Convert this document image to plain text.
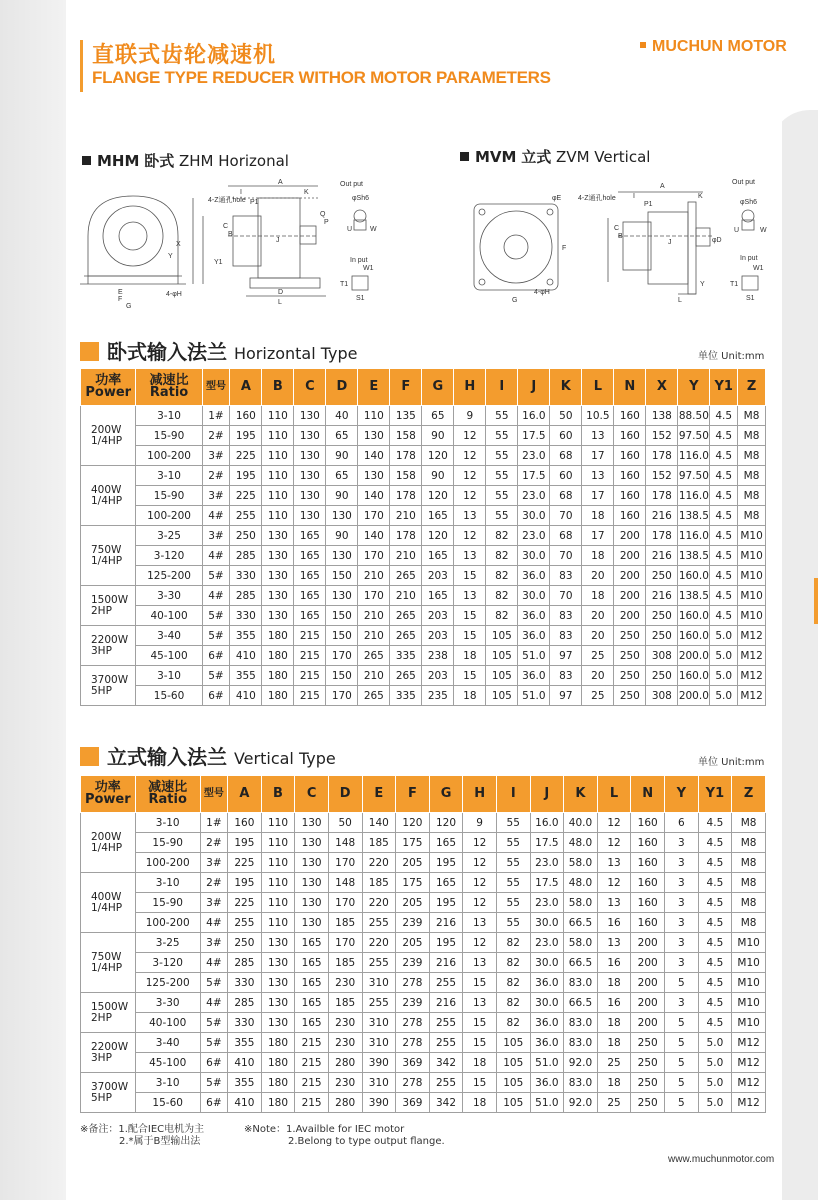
直联式齿轮减速机
FLANGE TYPE REDUCER WITHOR MOTOR PARAMETERS
MUCHUN MOTOR
MHM 卧式 ZHM Horizonal	MVM 立式 ZVM Vertical
4-Z通孔hole
A
I
P1
K
C
B
J
X
Y
Y1
E
F
G
4-φH	D
L
Q
P
Out put
φSh6
U	W
In put
W1
T1
S1
φE
F
G
4-φH
4-Z通孔hole
A
K
I
P1
C
B
J	φD
L
Y
Out put
φSh6
U	W
In put
W1
T1
S1
卧式输入法兰 Horizontal Type	单位 Unit:mm
功率
Power	减速比
Ratio	型号	A	B	C	D	E	F	G	H	I	J	K	L	N	X	Y	Y1	Z
200W
1/4HP	3-10	1#	160	110	130	40	110	135	65	9	55	16.0	50	10.5	160	138	88.50	4.5	M8
	15-90	2#	195	110	130	65	130	158	90	12	55	17.5	60	13	160	152	97.50	4.5	M8
	100-200	3#	225	110	130	90	140	178	120	12	55	23.0	68	17	160	178	116.0	4.5	M8
400W
1/4HP	3-10	2#	195	110	130	65	130	158	90	12	55	17.5	60	13	160	152	97.50	4.5	M8
	15-90	3#	225	110	130	90	140	178	120	12	55	23.0	68	17	160	178	116.0	4.5	M8
	100-200	4#	255	110	130	130	170	210	165	13	55	30.0	70	18	160	216	138.5	4.5	M8
750W
1/4HP	3-25	3#	250	130	165	90	140	178	120	12	82	23.0	68	17	200	178	116.0	4.5	M10
	3-120	4#	285	130	165	130	170	210	165	13	82	30.0	70	18	200	216	138.5	4.5	M10
	125-200	5#	330	130	165	150	210	265	203	15	82	36.0	83	20	200	250	160.0	4.5	M10
1500W
2HP	3-30	4#	285	130	165	130	170	210	165	13	82	30.0	70	18	200	216	138.5	4.5	M10
	40-100	5#	330	130	165	150	210	265	203	15	82	36.0	83	20	200	250	160.0	4.5	M10
2200W
3HP	3-40	5#	355	180	215	150	210	265	203	15	105	36.0	83	20	250	250	160.0	5.0	M12
	45-100	6#	410	180	215	170	265	335	238	18	105	51.0	97	25	250	308	200.0	5.0	M12
3700W
5HP	3-10	5#	355	180	215	150	210	265	203	15	105	36.0	83	20	250	250	160.0	5.0	M12
	15-60	6#	410	180	215	170	265	335	235	18	105	51.0	97	25	250	308	200.0	5.0	M12
立式输入法兰 Vertical Type	单位 Unit:mm
功率
Power	减速比
Ratio	型号	A	B	C	D	E	F	G	H	I	J	K	L	N	Y	Y1	Z
200W
1/4HP	3-10	1#	160	110	130	50	140	120	120	9	55	16.0	40.0	12	160	6	4.5	M8
	15-90	2#	195	110	130	148	185	175	165	12	55	17.5	48.0	12	160	3	4.5	M8
	100-200	3#	225	110	130	170	220	205	195	12	55	23.0	58.0	13	160	3	4.5	M8
400W
1/4HP	3-10	2#	195	110	130	148	185	175	165	12	55	17.5	48.0	12	160	3	4.5	M8
	15-90	3#	225	110	130	170	220	205	195	12	55	23.0	58.0	13	160	3	4.5	M8
	100-200	4#	255	110	130	185	255	239	216	13	55	30.0	66.5	16	160	3	4.5	M8
750W
1/4HP	3-25	3#	250	130	165	170	220	205	195	12	82	23.0	58.0	13	200	3	4.5	M10
	3-120	4#	285	130	165	185	255	239	216	13	82	30.0	66.5	16	200	3	4.5	M10
	125-200	5#	330	130	165	230	310	278	255	15	82	36.0	83.0	18	200	5	4.5	M10
1500W
2HP	3-30	4#	285	130	165	185	255	239	216	13	82	30.0	66.5	16	200	3	4.5	M10
	40-100	5#	330	130	165	230	310	278	255	15	82	36.0	83.0	18	200	5	4.5	M10
2200W
3HP	3-40	5#	355	180	215	230	310	278	255	15	105	36.0	83.0	18	250	5	5.0	M12
	45-100	6#	410	180	215	280	390	369	342	18	105	51.0	92.0	25	250	5	5.0	M12
3700W
5HP	3-10	5#	355	180	215	230	310	278	255	15	105	36.0	83.0	18	250	5	5.0	M12
	15-60	6#	410	180	215	280	390	369	342	18	105	51.0	92.0	25	250	5	5.0	M12
※备注：1.配合IEC电机为主
2.*属于B型输出法
※Note：1.Availble for IEC motor
2.Belong to type output flange.
www.muchunmotor.com
